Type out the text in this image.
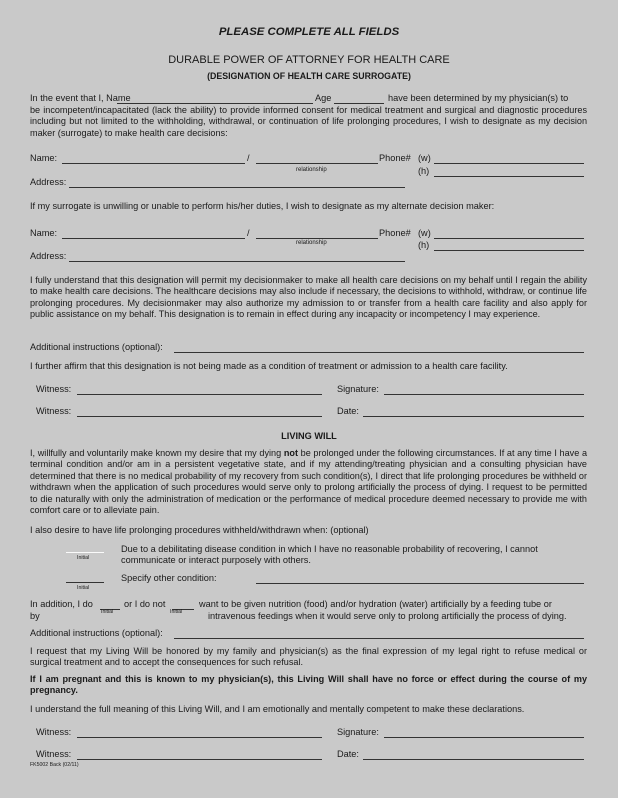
PLEASE COMPLETE ALL FIELDS
DURABLE POWER OF ATTORNEY FOR HEALTH CARE
(DESIGNATION OF HEALTH CARE SURROGATE)
In the event that I, Name	Age	have been determined by my physician(s) to
be incompetent/incapacitated (lack the ability) to provide informed consent for medical treatment and surgical and diagnostic procedures including but not limited to the withholding, withdrawal, or continuation of life prolonging procedures, I wish to designate as my decision maker (surrogate) to make health care decisions:
Name:	/	Phone# (w)
relationship	(h)
Address:
If my surrogate is unwilling or unable to perform his/her duties, I wish to designate as my alternate decision maker:
Name:	/	Phone# (w)
relationship	(h)
Address:
I fully understand that this designation will permit my decisionmaker to make all health care decisions on my behalf until I regain the ability to make health care decisions. The healthcare decisions may also include if necessary, the decisions to withhold, withdraw, or continue life prolonging procedures. My decisionmaker may also authorize my admission to or transfer from a health care facility and also apply for public assistance on my behalf. This designation is to remain in effect during any incapacity or incompetency I may experience.
Additional instructions (optional):
I further affirm that this designation is not being made as a condition of treatment or admission to a health care facility.
Witness:	Signature:
Witness:	Date:
LIVING WILL
I, willfully and voluntarily make known my desire that my dying not be prolonged under the following circumstances. If at any time I have a terminal condition and/or am in a persistent vegetative state, and if my attending/treating physician and a consulting physician have determined that there is no medical probability of my recovery from such condition(s), I direct that life prolonging procedures be withheld or withdrawn when the application of such procedures would serve only to prolong artificially the process of dying. I request to be permitted to die naturally with only the administration of medication or the performance of medical procedure deemed necessary to provide me with comfort care or to alleviate pain.
I also desire to have life prolonging procedures withheld/withdrawn when: (optional)
Initial
Due to a debilitating disease condition in which I have no reasonable probability of recovering, I cannot communicate or interact purposely with others.
Initial
Specify other condition:
In addition, I do	or I do not	want to be given nutrition (food) and/or hydration (water) artificially by a feeding tube or
by	Initial	Initial	intravenous feedings when it would serve only to prolong artificially the process of dying.
Additional instructions (optional):
I request that my Living Will be honored by my family and physician(s) as the final expression of my legal right to refuse medical or surgical treatment and to accept the consequences for such refusal.
If I am pregnant and this is known to my physician(s), this Living Will shall have no force or effect during the course of my pregnancy.
I understand the full meaning of this Living Will, and I am emotionally and mentally competent to make these declarations.
Witness:	Signature:
Witness:	Date:
FK5002 Back (02/11)
